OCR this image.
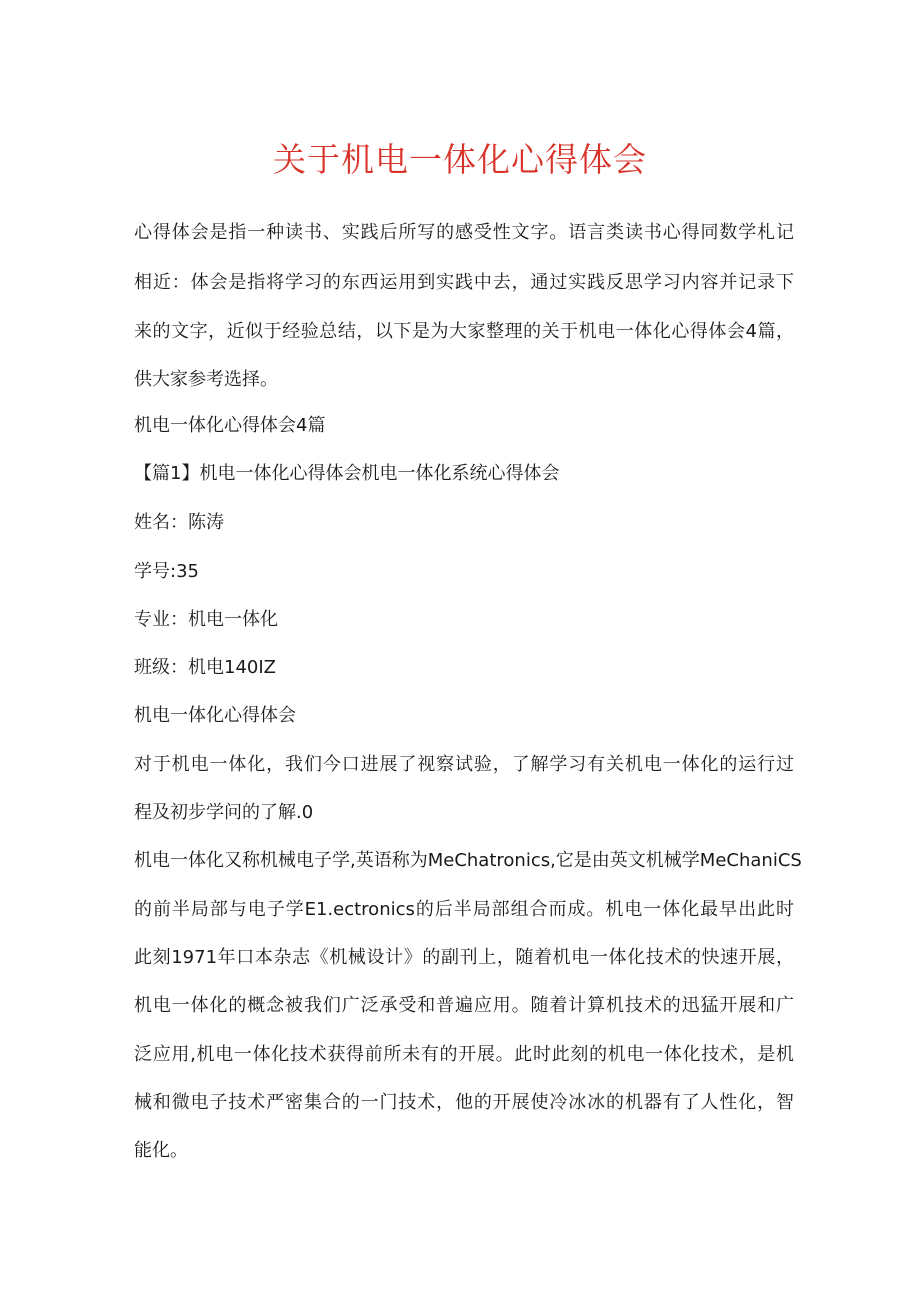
关于机电一体化心得体会

心得体会是指一种读书、实践后所写的感受性文字。语言类读书心得同数学札记

相近：体会是指将学习的东西运用到实践中去，通过实践反思学习内容并记录下

来的文字，近似于经验总结，以下是为大家整理的关于机电一体化心得体会4篇，

供大家参考选择。

机电一体化心得体会4篇

【篇1】机电一体化心得体会机电一体化系统心得体会

姓名：陈涛

学号:35

专业：机电一体化

班级：机电140IZ

机电一体化心得体会

对于机电一体化，我们今口进展了视察试验，了解学习有关机电一体化的运行过

程及初步学问的了解.0

机电一体化又称机械电子学,英语称为MeChatronics,它是由英文机械学MeChaniCS

的前半局部与电子学E1.ectronics的后半局部组合而成。机电一体化最早出此时

此刻1971年口本杂志《机械设计》的副刊上，随着机电一体化技术的快速开展，

机电一体化的概念被我们广泛承受和普遍应用。随着计算机技术的迅猛开展和广

泛应用,机电一体化技术获得前所未有的开展。此时此刻的机电一体化技术，是机

械和微电子技术严密集合的一门技术，他的开展使冷冰冰的机器有了人性化，智

能化。
